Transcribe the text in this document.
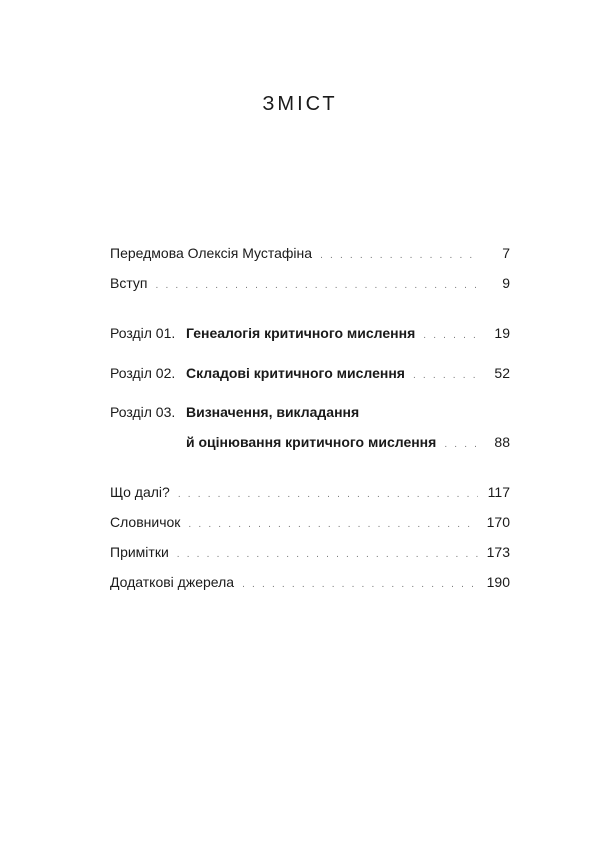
ЗМІСТ
Передмова Олексія Мустафіна . . .	7
Вступ . . .	9
Розділ 01. Генеалогія критичного мислення . . .	19
Розділ 02. Складові критичного мислення . . .	52
Розділ 03. Визначення, викладання
й оцінювання критичного мислення . . .	88
Що далі? . . .	117
Словничок . . .	170
Примітки . . .	173
Додаткові джерела . . .	190
